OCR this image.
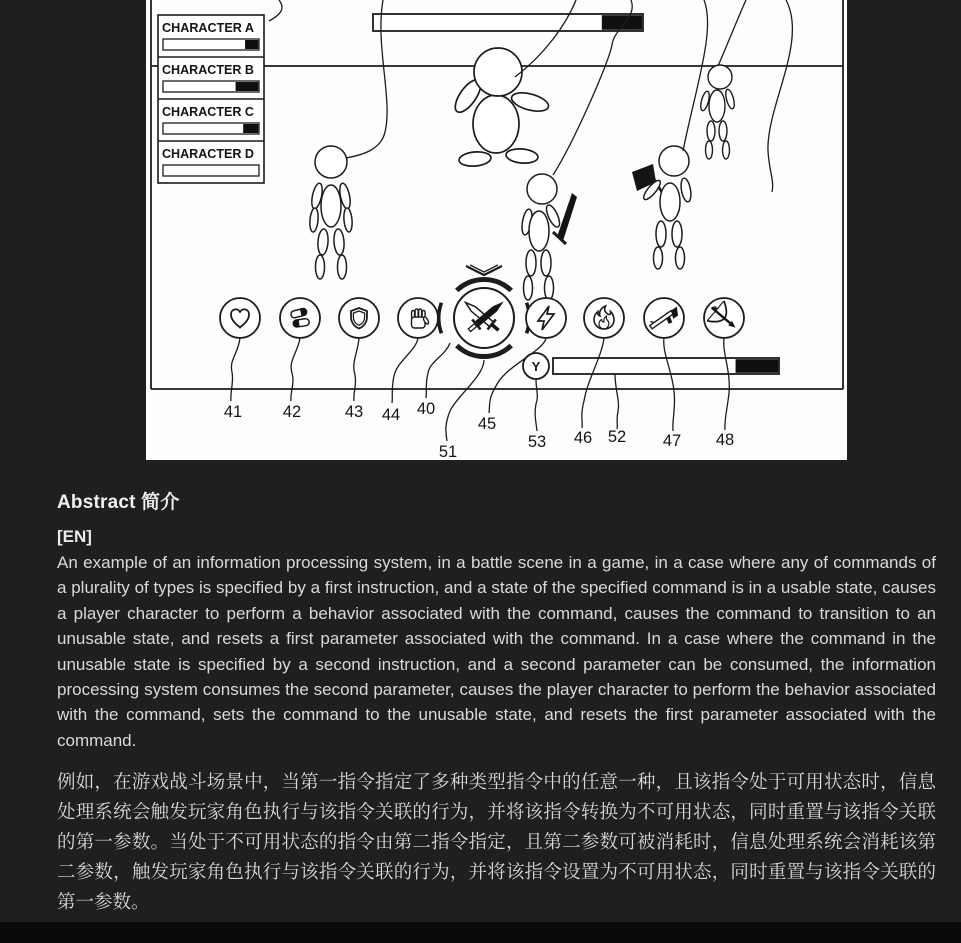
CHARACTER A
CHARACTER B
CHARACTER C
CHARACTER D
Y
41 42	43 44 40
51
45
53 46 52 47 48
Abstract 简介

[EN]

An example of an information processing system, in a battle scene in a game, in a case where any of commands of a plurality of types is specified by a first instruction, and a state of the specified command is in a usable state, causes a player character to perform a behavior associated with the command, causes the command to transition to an unusable state, and resets a first parameter associated with the command. In a case where the command in the unusable state is specified by a second instruction, and a second parameter can be consumed, the information processing system consumes the second parameter, causes the player character to perform the behavior associated with the command, sets the command to the unusable state, and resets the first parameter associated with the command.

例如，在游戏战斗场景中，当第一指令指定了多种类型指令中的任意一种，且该指令处于可用状态时，信息处理系统会触发玩家角色执行与该指令关联的行为，并将该指令转换为不可用状态，同时重置与该指令关联的第一参数。当处于不可用状态的指令由第二指令指定，且第二参数可被消耗时，信息处理系统会消耗该第二参数，触发玩家角色执行与该指令关联的行为，并将该指令设置为不可用状态，同时重置与该指令关联的第一参数。
